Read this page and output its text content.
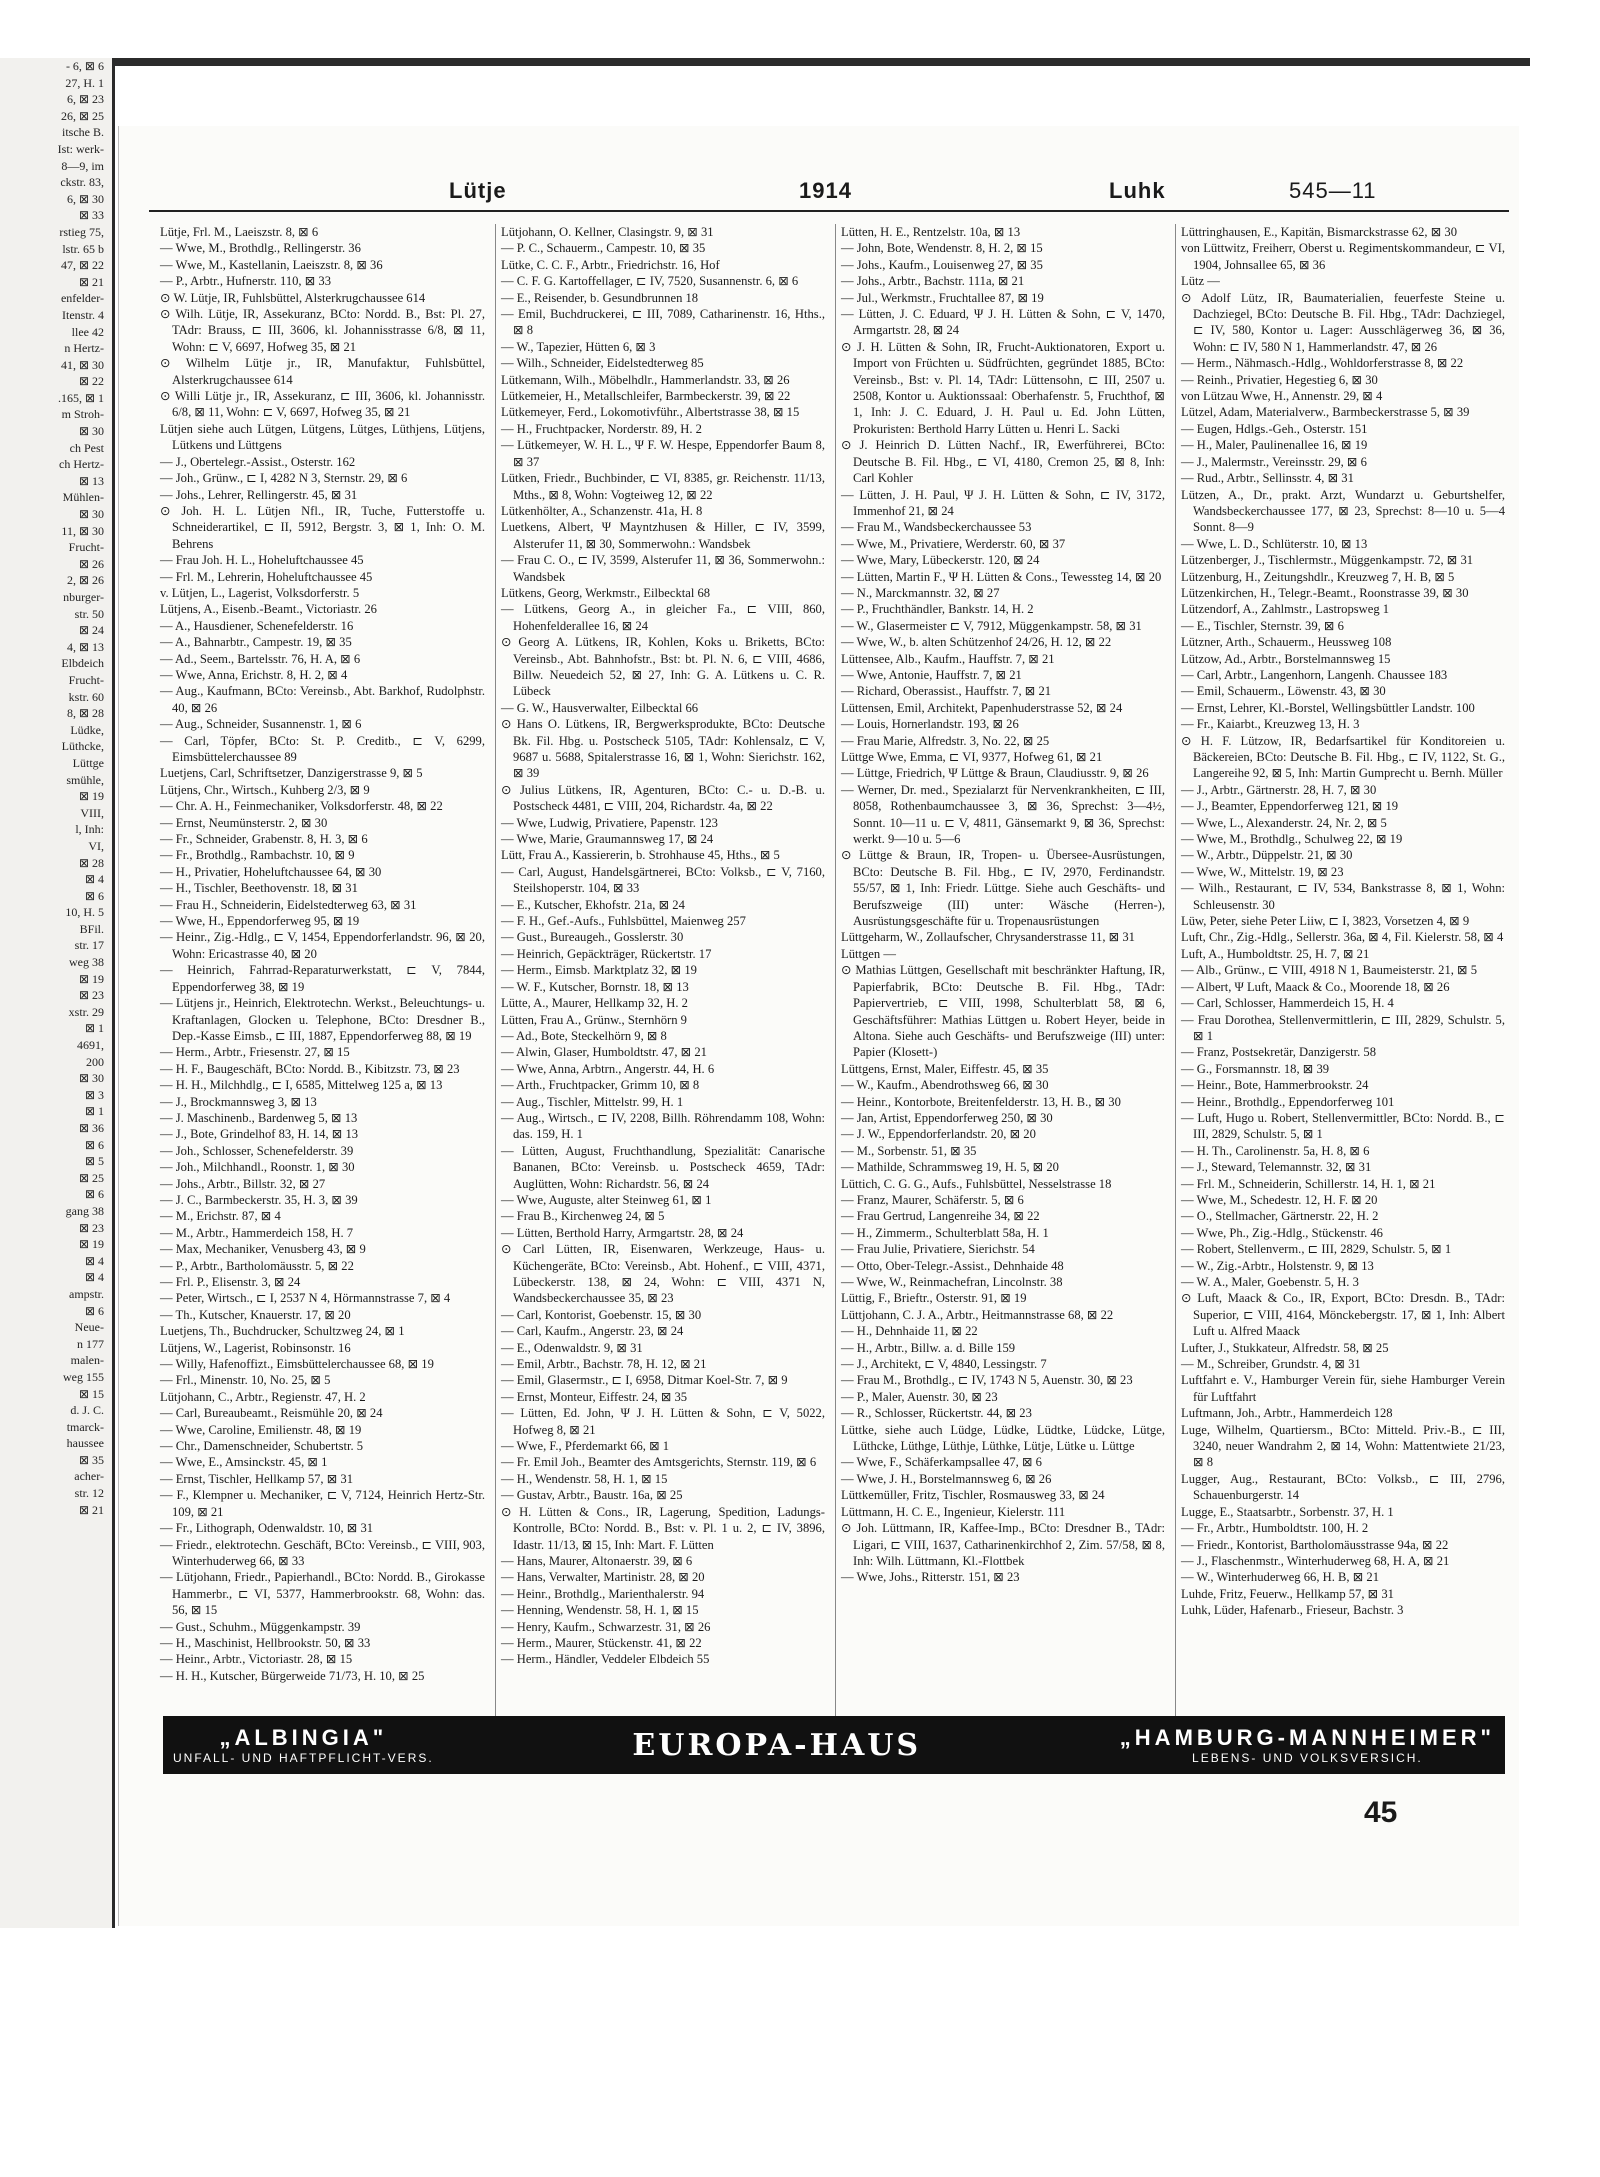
- 6, ⊠ 6
27, H. 1
6, ⊠ 23
26, ⊠ 25
itsche B.
Ist: werk-
8—9, im
ckstr. 83,
6, ⊠ 30
⊠ 33
rstieg 75,
lstr. 65 b
47, ⊠ 22
⊠ 21
enfelder-
Itenstr. 4
llee 42
n Hertz-
41, ⊠ 30
⊠ 22
.165, ⊠ 1
m Stroh-
⊠ 30
ch Pest
ch Hertz-
⊠ 13
Mühlen-
⊠ 30
11, ⊠ 30
Frucht-
⊠ 26
2, ⊠ 26
nburger-
str. 50
⊠ 24
4, ⊠ 13
Elbdeich
Frucht-
kstr. 60
8, ⊠ 28
Lüdke,
Lüthcke,
Lüttge
smühle,
⊠ 19
VIII,
l, Inh:
VI,
⊠ 28
⊠ 4
⊠ 6
10, H. 5
BFil.
str. 17
weg 38
⊠ 19
⊠ 23
xstr. 29
⊠ 1
4691,
200
⊠ 30
⊠ 3
⊠ 1
⊠ 36
⊠ 6
⊠ 5
⊠ 25
⊠ 6
gang 38
⊠ 23
⊠ 19
⊠ 4
⊠ 4
ampstr.
⊠ 6
Neue-
n 177
malen-
weg 155
⊠ 15
d. J. C.
tmarck-
haussee
⊠ 35
acher-
str. 12
⊠ 21
Lütje	1914	Luhk	545—11

Lütje, Frl. M., Laeiszstr. 8, ⊠ 6

— Wwe, M., Brothdlg., Rellingerstr. 36

— Wwe, M., Kastellanin, Laeiszstr. 8, ⊠ 36

— P., Arbtr., Hufnerstr. 110, ⊠ 33

⊙ W. Lütje, IR, Fuhlsbüttel, Alsterkrugchaussee 614

⊙ Wilh. Lütje, IR, Assekuranz, BCto: Nordd. B., Bst: Pl. 27, TAdr: Brauss, ⊏ III, 3606, kl. Johannisstrasse 6/8, ⊠ 11, Wohn: ⊏ V, 6697, Hofweg 35, ⊠ 21

⊙ Wilhelm Lütje jr., IR, Manufaktur, Fuhlsbüttel, Alsterkrugchaussee 614

⊙ Willi Lütje jr., IR, Assekuranz, ⊏ III, 3606, kl. Johannisstr. 6/8, ⊠ 11, Wohn: ⊏ V, 6697, Hofweg 35, ⊠ 21

Lütjen siehe auch Lütgen, Lütgens, Lütges, Lüthjens, Lütjens, Lütkens und Lüttgens

— J., Obertelegr.-Assist., Osterstr. 162

— Joh., Grünw., ⊏ I, 4282 N 3, Sternstr. 29, ⊠ 6

— Johs., Lehrer, Rellingerstr. 45, ⊠ 31

⊙ Joh. H. L. Lütjen Nfl., IR, Tuche, Futterstoffe u. Schneiderartikel, ⊏ II, 5912, Bergstr. 3, ⊠ 1, Inh: O. M. Behrens

— Frau Joh. H. L., Hoheluftchaussee 45

— Frl. M., Lehrerin, Hoheluftchaussee 45

v. Lütjen, L., Lagerist, Volksdorferstr. 5

Lütjens, A., Eisenb.-Beamt., Victoriastr. 26

— A., Hausdiener, Schenefelderstr. 16

— A., Bahnarbtr., Campestr. 19, ⊠ 35

— Ad., Seem., Bartelsstr. 76, H. A, ⊠ 6

— Wwe, Anna, Erichstr. 8, H. 2, ⊠ 4

— Aug., Kaufmann, BCto: Vereinsb., Abt. Barkhof, Rudolphstr. 40, ⊠ 26

— Aug., Schneider, Susannenstr. 1, ⊠ 6

— Carl, Töpfer, BCto: St. P. Creditb., ⊏ V, 6299, Eimsbüttelerchaussee 89

Luetjens, Carl, Schriftsetzer, Danzigerstrasse 9, ⊠ 5

Lütjens, Chr., Wirtsch., Kuhberg 2/3, ⊠ 9

— Chr. A. H., Feinmechaniker, Volksdorferstr. 48, ⊠ 22

— Ernst, Neumünsterstr. 2, ⊠ 30

— Fr., Schneider, Grabenstr. 8, H. 3, ⊠ 6

— Fr., Brothdlg., Rambachstr. 10, ⊠ 9

— H., Privatier, Hoheluftchaussee 64, ⊠ 30

— H., Tischler, Beethovenstr. 18, ⊠ 31

— Frau H., Schneiderin, Eidelstedterweg 63, ⊠ 31

— Wwe, H., Eppendorferweg 95, ⊠ 19

— Heinr., Zig.-Hdlg., ⊏ V, 1454, Eppendorferlandstr. 96, ⊠ 20, Wohn: Ericastrasse 40, ⊠ 20

— Heinrich, Fahrrad-Reparaturwerkstatt, ⊏ V, 7844, Eppendorferweg 38, ⊠ 19

— Lütjens jr., Heinrich, Elektrotechn. Werkst., Beleuchtungs- u. Kraftanlagen, Glocken u. Telephone, BCto: Dresdner B., Dep.-Kasse Eimsb., ⊏ III, 1887, Eppendorferweg 88, ⊠ 19

— Herm., Arbtr., Friesenstr. 27, ⊠ 15

— H. F., Baugeschäft, BCto: Nordd. B., Kibitzstr. 73, ⊠ 23

— H. H., Milchhdlg., ⊏ I, 6585, Mittelweg 125 a, ⊠ 13

— J., Brockmannsweg 3, ⊠ 13

— J. Maschinenb., Bardenweg 5, ⊠ 13

— J., Bote, Grindelhof 83, H. 14, ⊠ 13

— Joh., Schlosser, Schenefelderstr. 39

— Joh., Milchhandl., Roonstr. 1, ⊠ 30

— Johs., Arbtr., Billstr. 32, ⊠ 27

— J. C., Barmbeckerstr. 35, H. 3, ⊠ 39

— M., Erichstr. 87, ⊠ 4

— M., Arbtr., Hammerdeich 158, H. 7

— Max, Mechaniker, Venusberg 43, ⊠ 9

— P., Arbtr., Bartholomäusstr. 5, ⊠ 22

— Frl. P., Elisenstr. 3, ⊠ 24

— Peter, Wirtsch., ⊏ I, 2537 N 4, Hörmannstrasse 7, ⊠ 4

— Th., Kutscher, Knauerstr. 17, ⊠ 20

Luetjens, Th., Buchdrucker, Schultzweg 24, ⊠ 1

Lütjens, W., Lagerist, Robinsonstr. 16

— Willy, Hafenoffizt., Eimsbüttelerchaussee 68, ⊠ 19

— Frl., Minenstr. 10, No. 25, ⊠ 5

Lütjohann, C., Arbtr., Regienstr. 47, H. 2

— Carl, Bureaubeamt., Reismühle 20, ⊠ 24

— Wwe, Caroline, Emilienstr. 48, ⊠ 19

— Chr., Damenschneider, Schubertstr. 5

— Wwe, E., Amsinckstr. 45, ⊠ 1

— Ernst, Tischler, Hellkamp 57, ⊠ 31

— F., Klempner u. Mechaniker, ⊏ V, 7124, Heinrich Hertz-Str. 109, ⊠ 21

— Fr., Lithograph, Odenwaldstr. 10, ⊠ 31

— Friedr., elektrotechn. Geschäft, BCto: Vereinsb., ⊏ VIII, 903, Winterhuderweg 66, ⊠ 33

— Lütjohann, Friedr., Papierhandl., BCto: Nordd. B., Girokasse Hammerbr., ⊏ VI, 5377, Hammerbrookstr. 68, Wohn: das. 56, ⊠ 15

— Gust., Schuhm., Müggenkampstr. 39

— H., Maschinist, Hellbrookstr. 50, ⊠ 33

— Heinr., Arbtr., Victoriastr. 28, ⊠ 15

— H. H., Kutscher, Bürgerweide 71/73, H. 10, ⊠ 25

Lütjohann, O. Kellner, Clasingstr. 9, ⊠ 31

— P. C., Schauerm., Campestr. 10, ⊠ 35

Lütke, C. C. F., Arbtr., Friedrichstr. 16, Hof

— C. F. G. Kartoffellager, ⊏ IV, 7520, Susannenstr. 6, ⊠ 6

— E., Reisender, b. Gesundbrunnen 18

— Emil, Buchdruckerei, ⊏ III, 7089, Catharinenstr. 16, Hths., ⊠ 8

— W., Tapezier, Hütten 6, ⊠ 3

— Wilh., Schneider, Eidelstedterweg 85

Lütkemann, Wilh., Möbelhdlr., Hammerlandstr. 33, ⊠ 26

Lütkemeier, H., Metallschleifer, Barmbeckerstr. 39, ⊠ 22

Lütkemeyer, Ferd., Lokomotivführ., Albertstrasse 38, ⊠ 15

— H., Fruchtpacker, Norderstr. 89, H. 2

— Lütkemeyer, W. H. L., Ψ F. W. Hespe, Eppendorfer Baum 8, ⊠ 37

Lütken, Friedr., Buchbinder, ⊏ VI, 8385, gr. Reichenstr. 11/13, Mths., ⊠ 8, Wohn: Vogteiweg 12, ⊠ 22

Lütkenhölter, A., Schanzenstr. 41a, H. 8

Luetkens, Albert, Ψ Mayntzhusen & Hiller, ⊏ IV, 3599, Alsterufer 11, ⊠ 30, Sommerwohn.: Wandsbek

— Frau C. O., ⊏ IV, 3599, Alsterufer 11, ⊠ 36, Sommerwohn.: Wandsbek

Lütkens, Georg, Werkmstr., Eilbecktal 68

— Lütkens, Georg A., in gleicher Fa., ⊏ VIII, 860, Hohenfelderallee 16, ⊠ 24

⊙ Georg A. Lütkens, IR, Kohlen, Koks u. Briketts, BCto: Vereinsb., Abt. Bahnhofstr., Bst: bt. Pl. N. 6, ⊏ VIII, 4686, Billw. Neuedeich 52, ⊠ 27, Inh: G. A. Lütkens u. C. R. Lübeck

— G. W., Hausverwalter, Eilbecktal 66

⊙ Hans O. Lütkens, IR, Bergwerksprodukte, BCto: Deutsche Bk. Fil. Hbg. u. Postscheck 5105, TAdr: Kohlensalz, ⊏ V, 9687 u. 5688, Spitalerstrasse 16, ⊠ 1, Wohn: Sierichstr. 162, ⊠ 39

⊙ Julius Lütkens, IR, Agenturen, BCto: C.- u. D.-B. u. Postscheck 4481, ⊏ VIII, 204, Richardstr. 4a, ⊠ 22

— Wwe, Ludwig, Privatiere, Papenstr. 123

— Wwe, Marie, Graumannsweg 17, ⊠ 24

Lütt, Frau A., Kassiererin, b. Strohhause 45, Hths., ⊠ 5

— Carl, August, Handelsgärtnerei, BCto: Volksb., ⊏ V, 7160, Steilshoperstr. 104, ⊠ 33

— E., Kutscher, Ekhofstr. 21a, ⊠ 24

— F. H., Gef.-Aufs., Fuhlsbüttel, Maienweg 257

— Gust., Bureaugeh., Gosslerstr. 30

— Heinrich, Gepäckträger, Rückertstr. 17

— Herm., Eimsb. Marktplatz 32, ⊠ 19

— W. F., Kutscher, Bornstr. 18, ⊠ 13

Lütte, A., Maurer, Hellkamp 32, H. 2

Lütten, Frau A., Grünw., Sternhörn 9

— Ad., Bote, Steckelhörn 9, ⊠ 8

— Alwin, Glaser, Humboldtstr. 47, ⊠ 21

— Wwe, Anna, Arbtrn., Angerstr. 44, H. 6

— Arth., Fruchtpacker, Grimm 10, ⊠ 8

— Aug., Tischler, Mittelstr. 99, H. 1

— Aug., Wirtsch., ⊏ IV, 2208, Billh. Röhrendamm 108, Wohn: das. 159, H. 1

— Lütten, August, Fruchthandlung, Spezialität: Canarische Bananen, BCto: Vereinsb. u. Postscheck 4659, TAdr: Auglütten, Wohn: Richardstr. 56, ⊠ 24

— Wwe, Auguste, alter Steinweg 61, ⊠ 1

— Frau B., Kirchenweg 24, ⊠ 5

— Lütten, Berthold Harry, Armgartstr. 28, ⊠ 24

⊙ Carl Lütten, IR, Eisenwaren, Werkzeuge, Haus- u. Küchengeräte, BCto: Vereinsb., Abt. Hohenf., ⊏ VIII, 4371, Lübeckerstr. 138, ⊠ 24, Wohn: ⊏ VIII, 4371 N, Wandsbeckerchaussee 35, ⊠ 23

— Carl, Kontorist, Goebenstr. 15, ⊠ 30

— Carl, Kaufm., Angerstr. 23, ⊠ 24

— E., Odenwaldstr. 9, ⊠ 31

— Emil, Arbtr., Bachstr. 78, H. 12, ⊠ 21

— Emil, Glasermstr., ⊏ I, 6958, Ditmar Koel-Str. 7, ⊠ 9

— Ernst, Monteur, Eiffestr. 24, ⊠ 35

— Lütten, Ed. John, Ψ J. H. Lütten & Sohn, ⊏ V, 5022, Hofweg 8, ⊠ 21

— Wwe, F., Pferdemarkt 66, ⊠ 1

— Fr. Emil Joh., Beamter des Amtsgerichts, Sternstr. 119, ⊠ 6

— H., Wendenstr. 58, H. 1, ⊠ 15

— Gustav, Arbtr., Baustr. 16a, ⊠ 25

⊙ H. Lütten & Cons., IR, Lagerung, Spedition, Ladungs-Kontrolle, BCto: Nordd. B., Bst: v. Pl. 1 u. 2, ⊏ IV, 3896, Idastr. 11/13, ⊠ 15, Inh: Mart. F. Lütten

— Hans, Maurer, Altonaerstr. 39, ⊠ 6

— Hans, Verwalter, Martinistr. 28, ⊠ 20

— Heinr., Brothdlg., Marienthalerstr. 94

— Henning, Wendenstr. 58, H. 1, ⊠ 15

— Henry, Kaufm., Schwarzestr. 31, ⊠ 26

— Herm., Maurer, Stückenstr. 41, ⊠ 22

— Herm., Händler, Veddeler Elbdeich 55

Lütten, H. E., Rentzelstr. 10a, ⊠ 13

— John, Bote, Wendenstr. 8, H. 2, ⊠ 15

— Johs., Kaufm., Louisenweg 27, ⊠ 35

— Johs., Arbtr., Bachstr. 111a, ⊠ 21

— Jul., Werkmstr., Fruchtallee 87, ⊠ 19

— Lütten, J. C. Eduard, Ψ J. H. Lütten & Sohn, ⊏ V, 1470, Armgartstr. 28, ⊠ 24

⊙ J. H. Lütten & Sohn, IR, Frucht-Auktionatoren, Export u. Import von Früchten u. Südfrüchten, gegründet 1885, BCto: Vereinsb., Bst: v. Pl. 14, TAdr: Lüttensohn, ⊏ III, 2507 u. 2508, Kontor u. Auktionssaal: Oberhafenstr. 5, Fruchthof, ⊠ 1, Inh: J. C. Eduard, J. H. Paul u. Ed. John Lütten, Prokuristen: Berthold Harry Lütten u. Henri L. Sacki

⊙ J. Heinrich D. Lütten Nachf., IR, Ewerführerei, BCto: Deutsche B. Fil. Hbg., ⊏ VI, 4180, Cremon 25, ⊠ 8, Inh: Carl Kohler

— Lütten, J. H. Paul, Ψ J. H. Lütten & Sohn, ⊏ IV, 3172, Immenhof 21, ⊠ 24

— Frau M., Wandsbeckerchaussee 53

— Wwe, M., Privatiere, Werderstr. 60, ⊠ 37

— Wwe, Mary, Lübeckerstr. 120, ⊠ 24

— Lütten, Martin F., Ψ H. Lütten & Cons., Tewessteg 14, ⊠ 20

— N., Marckmannstr. 32, ⊠ 27

— P., Fruchthändler, Bankstr. 14, H. 2

— W., Glasermeister ⊏ V, 7912, Müggenkampstr. 58, ⊠ 31

— Wwe, W., b. alten Schützenhof 24/26, H. 12, ⊠ 22

Lüttensee, Alb., Kaufm., Hauffstr. 7, ⊠ 21

— Wwe, Antonie, Hauffstr. 7, ⊠ 21

— Richard, Oberassist., Hauffstr. 7, ⊠ 21

Lüttensen, Emil, Architekt, Papenhuderstrasse 52, ⊠ 24

— Louis, Hornerlandstr. 193, ⊠ 26

— Frau Marie, Alfredstr. 3, No. 22, ⊠ 25

Lüttge Wwe, Emma, ⊏ VI, 9377, Hofweg 61, ⊠ 21

— Lüttge, Friedrich, Ψ Lüttge & Braun, Claudiusstr. 9, ⊠ 26

— Werner, Dr. med., Spezialarzt für Nervenkrankheiten, ⊏ III, 8058, Rothenbaumchaussee 3, ⊠ 36, Sprechst: 3—4½, Sonnt. 10—11 u. ⊏ V, 4811, Gänsemarkt 9, ⊠ 36, Sprechst: werkt. 9—10 u. 5—6

⊙ Lüttge & Braun, IR, Tropen- u. Übersee-Ausrüstungen, BCto: Deutsche B. Fil. Hbg., ⊏ IV, 2970, Ferdinandstr. 55/57, ⊠ 1, Inh: Friedr. Lüttge. Siehe auch Geschäfts- und Berufszweige (III) unter: Wäsche (Herren-), Ausrüstungsgeschäfte für u. Tropenausrüstungen

Lüttgeharm, W., Zollaufscher, Chrysanderstrasse 11, ⊠ 31

Lüttgen —

⊙ Mathias Lüttgen, Gesellschaft mit beschränkter Haftung, IR, Papierfabrik, BCto: Deutsche B. Fil. Hbg., TAdr: Papiervertrieb, ⊏ VIII, 1998, Schulterblatt 58, ⊠ 6, Geschäftsführer: Mathias Lüttgen u. Robert Heyer, beide in Altona. Siehe auch Geschäfts- und Berufszweige (III) unter: Papier (Klosett-)

Lüttgens, Ernst, Maler, Eiffestr. 45, ⊠ 35

— W., Kaufm., Abendrothsweg 66, ⊠ 30

— Heinr., Kontorbote, Breitenfelderstr. 13, H. B., ⊠ 30

— Jan, Artist, Eppendorferweg 250, ⊠ 30

— J. W., Eppendorferlandstr. 20, ⊠ 20

— M., Sorbenstr. 51, ⊠ 35

— Mathilde, Schrammsweg 19, H. 5, ⊠ 20

Lüttich, C. G. G., Aufs., Fuhlsbüttel, Nesselstrasse 18

— Franz, Maurer, Schäferstr. 5, ⊠ 6

— Frau Gertrud, Langenreihe 34, ⊠ 22

— H., Zimmerm., Schulterblatt 58a, H. 1

— Frau Julie, Privatiere, Sierichstr. 54

— Otto, Ober-Telegr.-Assist., Dehnhaide 48

— Wwe, W., Reinmachefran, Lincolnstr. 38

Lüttig, F., Brieftr., Osterstr. 91, ⊠ 19

Lüttjohann, C. J. A., Arbtr., Heitmannstrasse 68, ⊠ 22

— H., Dehnhaide 11, ⊠ 22

— H., Arbtr., Billw. a. d. Bille 159

— J., Architekt, ⊏ V, 4840, Lessingstr. 7

— Frau M., Brothdlg., ⊏ IV, 1743 N 5, Auenstr. 30, ⊠ 23

— P., Maler, Auenstr. 30, ⊠ 23

— R., Schlosser, Rückertstr. 44, ⊠ 23

Lüttke, siehe auch Lüdge, Lüdke, Lüdtke, Lüdcke, Lütge, Lüthcke, Lüthge, Lüthje, Lüthke, Lütje, Lütke u. Lüttge

— Wwe, F., Schäferkampsallee 47, ⊠ 6

— Wwe, J. H., Borstelmannsweg 6, ⊠ 26

Lüttkemüller, Fritz, Tischler, Rosmausweg 33, ⊠ 24

Lüttmann, H. C. E., Ingenieur, Kielerstr. 111

⊙ Joh. Lüttmann, IR, Kaffee-Imp., BCto: Dresdner B., TAdr: Ligari, ⊏ VIII, 1637, Catharinenkirchhof 2, Zim. 57/58, ⊠ 8, Inh: Wilh. Lüttmann, Kl.-Flottbek

— Wwe, Johs., Ritterstr. 151, ⊠ 23

Lüttringhausen, E., Kapitän, Bismarckstrasse 62, ⊠ 30

von Lüttwitz, Freiherr, Oberst u. Regimentskommandeur, ⊏ VI, 1904, Johnsallee 65, ⊠ 36

Lütz —

⊙ Adolf Lütz, IR, Baumaterialien, feuerfeste Steine u. Dachziegel, BCto: Deutsche B. Fil. Hbg., TAdr: Dachziegel, ⊏ IV, 580, Kontor u. Lager: Ausschlägerweg 36, ⊠ 36, Wohn: ⊏ IV, 580 N 1, Hammerlandstr. 47, ⊠ 26

— Herm., Nähmasch.-Hdlg., Wohldorferstrasse 8, ⊠ 22

— Reinh., Privatier, Hegestieg 6, ⊠ 30

von Lützau Wwe, H., Annenstr. 29, ⊠ 4

Lützel, Adam, Materialverw., Barmbeckerstrasse 5, ⊠ 39

— Eugen, Hdlgs.-Geh., Osterstr. 151

— H., Maler, Paulinenallee 16, ⊠ 19

— J., Malermstr., Vereinsstr. 29, ⊠ 6

— Rud., Arbtr., Sellinsstr. 4, ⊠ 31

Lützen, A., Dr., prakt. Arzt, Wundarzt u. Geburtshelfer, Wandsbeckerchaussee 177, ⊠ 23, Sprechst: 8—10 u. 5—4 Sonnt. 8—9

— Wwe, L. D., Schlüterstr. 10, ⊠ 13

Lützenberger, J., Tischlermstr., Müggenkampstr. 72, ⊠ 31

Lützenburg, H., Zeitungshdlr., Kreuzweg 7, H. B, ⊠ 5

Lützenkirchen, H., Telegr.-Beamt., Roonstrasse 39, ⊠ 30

Lützendorf, A., Zahlmstr., Lastropsweg 1

— E., Tischler, Sternstr. 39, ⊠ 6

Lützner, Arth., Schauerm., Heussweg 108

Lützow, Ad., Arbtr., Borstelmannsweg 15

— Carl, Arbtr., Langenhorn, Langenh. Chaussee 183

— Emil, Schauerm., Löwenstr. 43, ⊠ 30

— Ernst, Lehrer, Kl.-Borstel, Wellingsbüttler Landstr. 100

— Fr., Kaiarbt., Kreuzweg 13, H. 3

⊙ H. F. Lützow, IR, Bedarfsartikel für Konditoreien u. Bäckereien, BCto: Deutsche B. Fil. Hbg., ⊏ IV, 1122, St. G., Langereihe 92, ⊠ 5, Inh: Martin Gumprecht u. Bernh. Müller

— J., Arbtr., Gärtnerstr. 28, H. 7, ⊠ 30

— J., Beamter, Eppendorferweg 121, ⊠ 19

— Wwe, L., Alexanderstr. 24, Nr. 2, ⊠ 5

— Wwe, M., Brothdlg., Schulweg 22, ⊠ 19

— W., Arbtr., Düppelstr. 21, ⊠ 30

— Wwe, W., Mittelstr. 19, ⊠ 23

— Wilh., Restaurant, ⊏ IV, 534, Bankstrasse 8, ⊠ 1, Wohn: Schleusenstr. 30

Lüw, Peter, siehe Peter Liiw, ⊏ I, 3823, Vorsetzen 4, ⊠ 9

Luft, Chr., Zig.-Hdlg., Sellerstr. 36a, ⊠ 4, Fil. Kielerstr. 58, ⊠ 4

Luft, A., Humboldtstr. 25, H. 7, ⊠ 21

— Alb., Grünw., ⊏ VIII, 4918 N 1, Baumeisterstr. 21, ⊠ 5

— Albert, Ψ Luft, Maack & Co., Moorende 18, ⊠ 26

— Carl, Schlosser, Hammerdeich 15, H. 4

— Frau Dorothea, Stellenvermittlerin, ⊏ III, 2829, Schulstr. 5, ⊠ 1

— Franz, Postsekretär, Danzigerstr. 58

— G., Forsmannstr. 18, ⊠ 39

— Heinr., Bote, Hammerbrookstr. 24

— Heinr., Brothdlg., Eppendorferweg 101

— Luft, Hugo u. Robert, Stellenvermittler, BCto: Nordd. B., ⊏ III, 2829, Schulstr. 5, ⊠ 1

— H. Th., Carolinenstr. 5a, H. 8, ⊠ 6

— J., Steward, Telemannstr. 32, ⊠ 31

— Frl. M., Schneiderin, Schillerstr. 14, H. 1, ⊠ 21

— Wwe, M., Schedestr. 12, H. F. ⊠ 20

— O., Stellmacher, Gärtnerstr. 22, H. 2

— Wwe, Ph., Zig.-Hdlg., Stückenstr. 46

— Robert, Stellenverm., ⊏ III, 2829, Schulstr. 5, ⊠ 1

— W., Zig.-Arbtr., Holstenstr. 9, ⊠ 13

— W. A., Maler, Goebenstr. 5, H. 3

⊙ Luft, Maack & Co., IR, Export, BCto: Dresdn. B., TAdr: Superior, ⊏ VIII, 4164, Mönckebergstr. 17, ⊠ 1, Inh: Albert Luft u. Alfred Maack

Lufter, J., Stukkateur, Alfredstr. 58, ⊠ 25

— M., Schreiber, Grundstr. 4, ⊠ 31

Luftfahrt e. V., Hamburger Verein für, siehe Hamburger Verein für Luftfahrt

Luftmann, Joh., Arbtr., Hammerdeich 128

Luge, Wilhelm, Quartiersm., BCto: Mitteld. Priv.-B., ⊏ III, 3240, neuer Wandrahm 2, ⊠ 14, Wohn: Mattentwiete 21/23, ⊠ 8

Lugger, Aug., Restaurant, BCto: Volksb., ⊏ III, 2796, Schauenburgerstr. 14

Lugge, E., Staatsarbtr., Sorbenstr. 37, H. 1

— Fr., Arbtr., Humboldtstr. 100, H. 2

— Friedr., Kontorist, Bartholomäusstrasse 94a, ⊠ 22

— J., Flaschenmstr., Winterhuderweg 68, H. A, ⊠ 21

— W., Winterhuderweg 66, H. B, ⊠ 21

Luhde, Fritz, Feuerw., Hellkamp 57, ⊠ 31

Luhk, Lüder, Hafenarb., Frieseur, Bachstr. 3

„ALBINGIA"
UNFALL- UND HAFTPFLICHT-VERS.	EUROPA-HAUS	„HAMBURG-MANNHEIMER"
LEBENS- UND VOLKSVERSICH.
45
